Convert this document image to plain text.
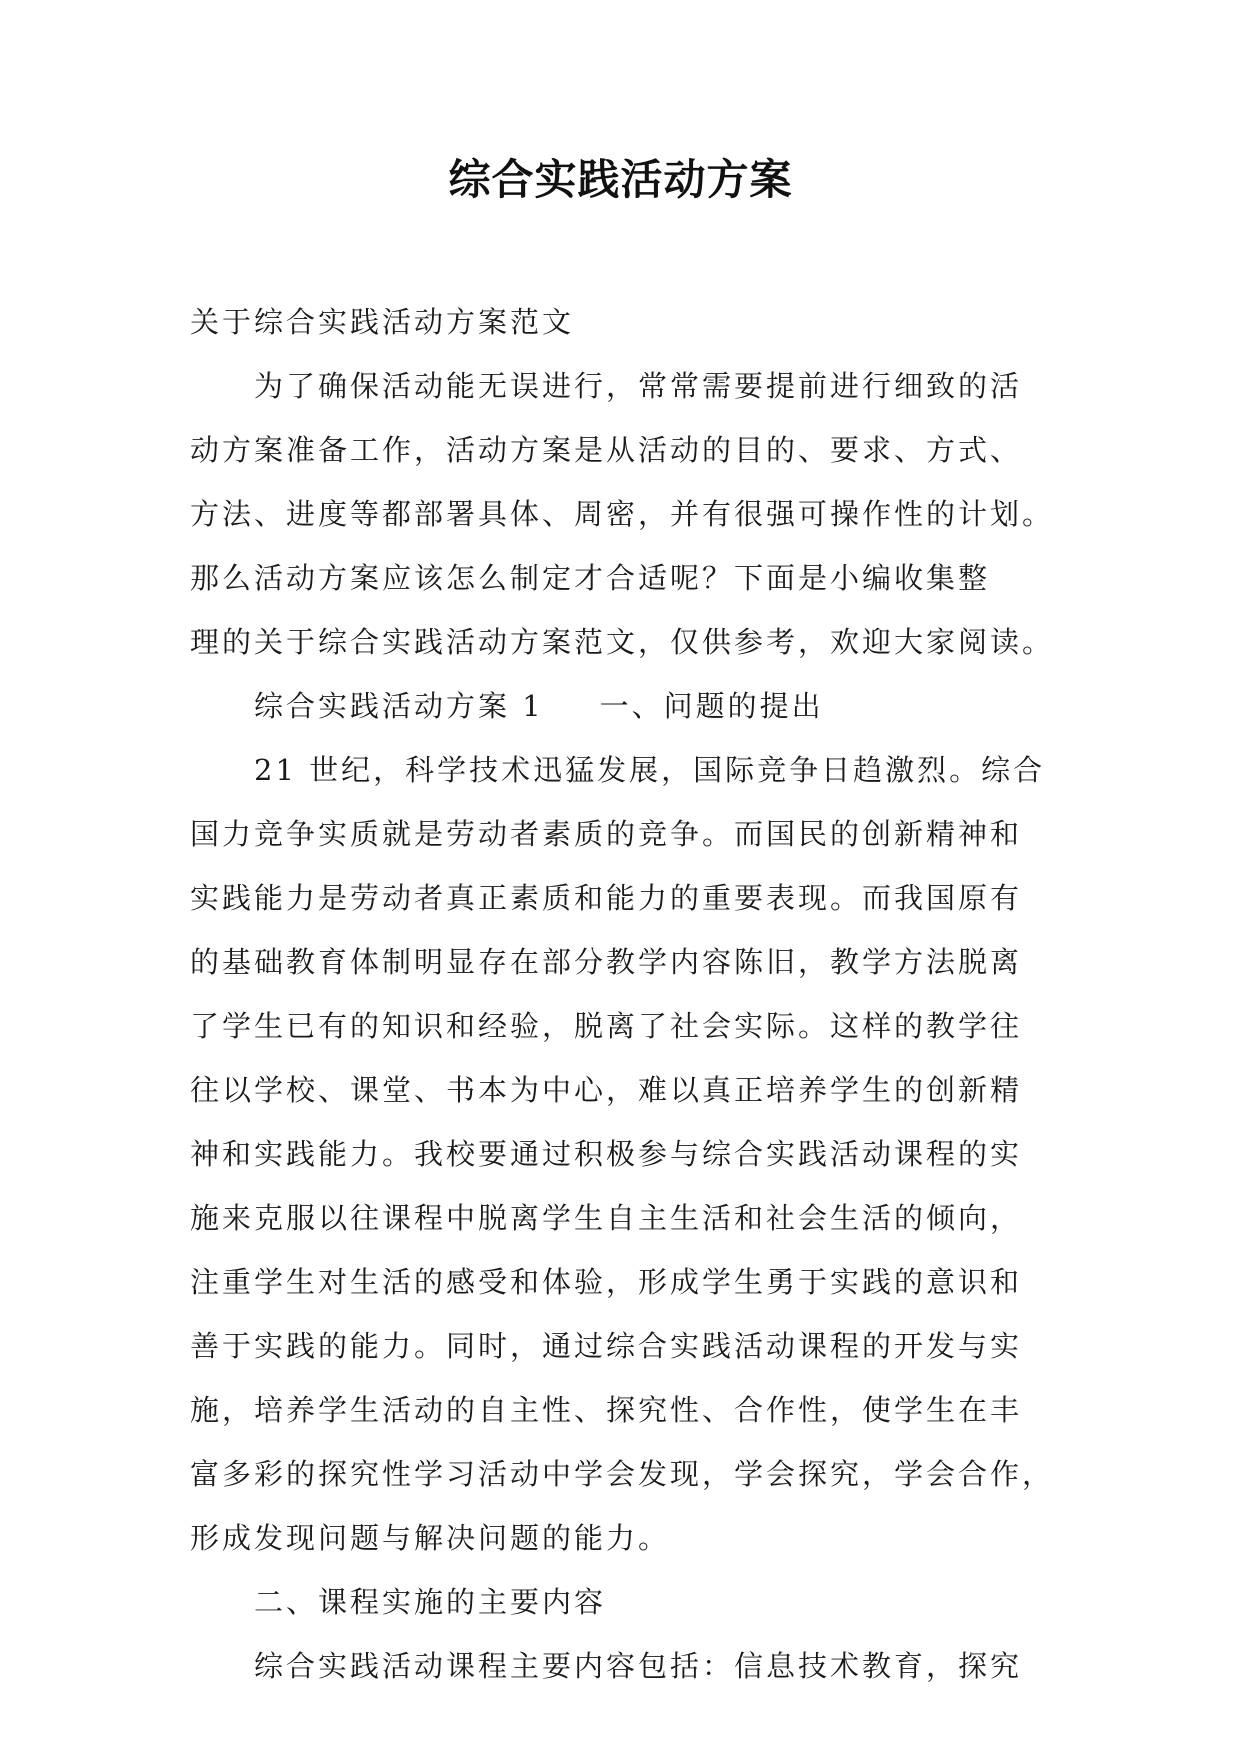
综合实践活动方案
关于综合实践活动方案范文
为了确保活动能无误进行，常常需要提前进行细致的活
动方案准备工作，活动方案是从活动的目的、要求、方式、
方法、进度等都部署具体、周密，并有很强可操作性的计划。
那么活动方案应该怎么制定才合适呢？下面是小编收集整
理的关于综合实践活动方案范文，仅供参考，欢迎大家阅读。
综合实践活动方案 1 一、问题的提出
21 世纪，科学技术迅猛发展，国际竞争日趋激烈。综合
国力竞争实质就是劳动者素质的竞争。而国民的创新精神和
实践能力是劳动者真正素质和能力的重要表现。而我国原有
的基础教育体制明显存在部分教学内容陈旧，教学方法脱离
了学生已有的知识和经验，脱离了社会实际。这样的教学往
往以学校、课堂、书本为中心，难以真正培养学生的创新精
神和实践能力。我校要通过积极参与综合实践活动课程的实
施来克服以往课程中脱离学生自主生活和社会生活的倾向，
注重学生对生活的感受和体验，形成学生勇于实践的意识和
善于实践的能力。同时，通过综合实践活动课程的开发与实
施，培养学生活动的自主性、探究性、合作性，使学生在丰
富多彩的探究性学习活动中学会发现，学会探究，学会合作，
形成发现问题与解决问题的能力。
二、课程实施的主要内容
综合实践活动课程主要内容包括：信息技术教育，探究
